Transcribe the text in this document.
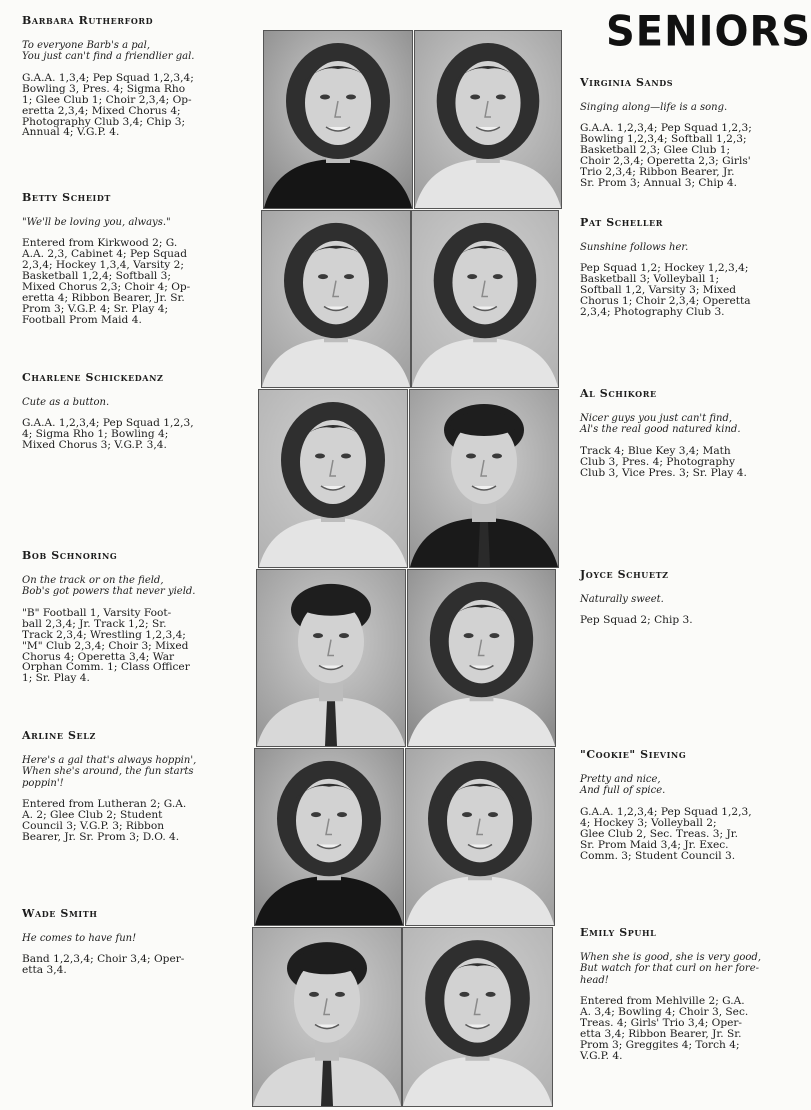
SENIORS
Barbara Rutherford
To everyone Barb's a pal,
You just can't find a friendlier gal.
G.A.A. 1,3,4; Pep Squad 1,2,3,4;
Bowling 3, Pres. 4; Sigma Rho
1; Glee Club 1; Choir 2,3,4; Op-
eretta 2,3,4; Mixed Chorus 4;
Photography Club 3,4; Chip 3;
Annual 4; V.G.P. 4.
Betty Scheidt
"We'll be loving you, always."
Entered from Kirkwood 2; G.
A.A. 2,3, Cabinet 4; Pep Squad
2,3,4; Hockey 1,3,4, Varsity 2;
Basketball 1,2,4; Softball 3;
Mixed Chorus 2,3; Choir 4; Op-
eretta 4; Ribbon Bearer, Jr. Sr.
Prom 3; V.G.P. 4; Sr. Play 4;
Football Prom Maid 4.
Charlene Schickedanz
Cute as a button.
G.A.A. 1,2,3,4; Pep Squad 1,2,3,
4; Sigma Rho 1; Bowling 4;
Mixed Chorus 3; V.G.P. 3,4.
Bob Schnoring
On the track or on the field,
Bob's got powers that never yield.
"B" Football 1, Varsity Foot-
ball 2,3,4; Jr. Track 1,2; Sr.
Track 2,3,4; Wrestling 1,2,3,4;
"M" Club 2,3,4; Choir 3; Mixed
Chorus 4; Operetta 3,4; War
Orphan Comm. 1; Class Officer
1; Sr. Play 4.
Arline Selz
Here's a gal that's always hoppin',
When she's around, the fun starts
poppin'!
Entered from Lutheran 2; G.A.
A. 2; Glee Club 2; Student
Council 3; V.G.P. 3; Ribbon
Bearer, Jr. Sr. Prom 3; D.O. 4.
Wade Smith
He comes to have fun!
Band 1,2,3,4; Choir 3,4; Oper-
etta 3,4.
Virginia Sands
Singing along—life is a song.
G.A.A. 1,2,3,4; Pep Squad 1,2,3;
Bowling 1,2,3,4; Softball 1,2,3;
Basketball 2,3; Glee Club 1;
Choir 2,3,4; Operetta 2,3; Girls'
Trio 2,3,4; Ribbon Bearer, Jr.
Sr. Prom 3; Annual 3; Chip 4.
Pat Scheller
Sunshine follows her.
Pep Squad 1,2; Hockey 1,2,3,4;
Basketball 3; Volleyball 1;
Softball 1,2, Varsity 3; Mixed
Chorus 1; Choir 2,3,4; Operetta
2,3,4; Photography Club 3.
Al Schikore
Nicer guys you just can't find,
Al's the real good natured kind.
Track 4; Blue Key 3,4; Math
Club 3, Pres. 4; Photography
Club 3, Vice Pres. 3; Sr. Play 4.
Joyce Schuetz
Naturally sweet.
Pep Squad 2; Chip 3.
"Cookie" Sieving
Pretty and nice,
And full of spice.
G.A.A. 1,2,3,4; Pep Squad 1,2,3,
4; Hockey 3; Volleyball 2;
Glee Club 2, Sec. Treas. 3; Jr.
Sr. Prom Maid 3,4; Jr. Exec.
Comm. 3; Student Council 3.
Emily Spuhl
When she is good, she is very good,
But watch for that curl on her fore-
head!
Entered from Mehlville 2; G.A.
A. 3,4; Bowling 4; Choir 3, Sec.
Treas. 4; Girls' Trio 3,4; Oper-
etta 3,4; Ribbon Bearer, Jr. Sr.
Prom 3; Greggites 4; Torch 4;
V.G.P. 4.
